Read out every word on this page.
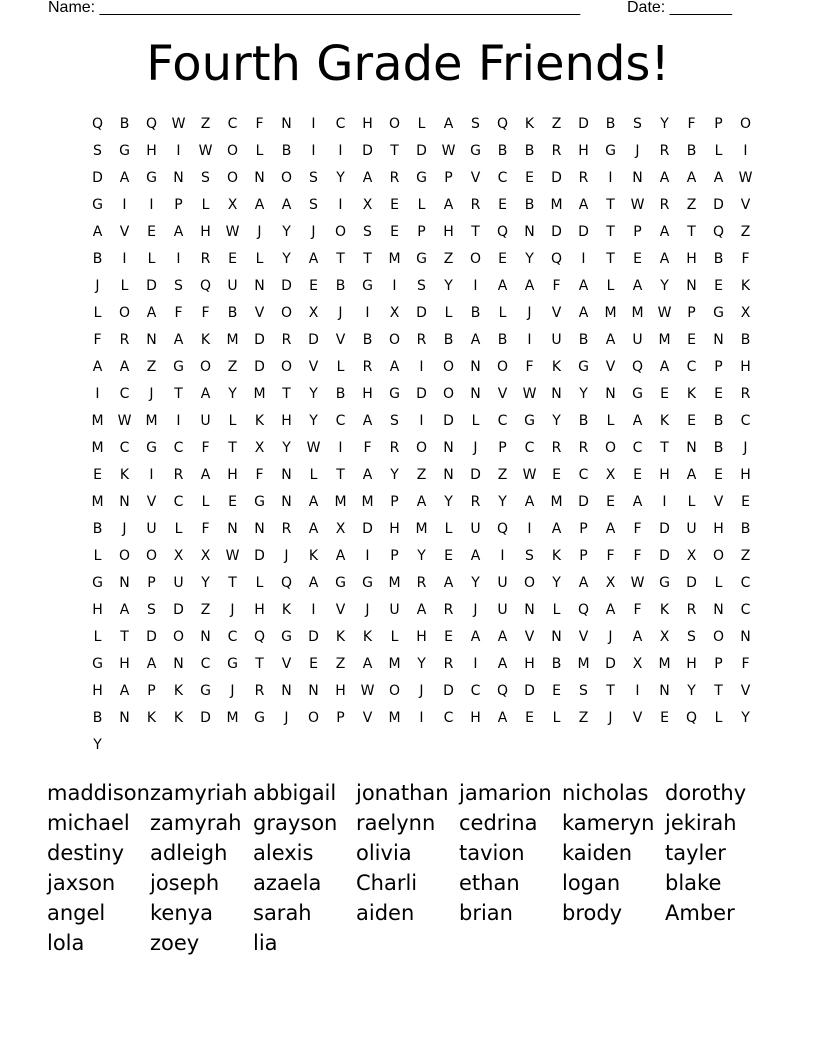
Name: ______________________________________________________	Date: _______
Fourth Grade Friends!
Q	B	Q	W	Z	C	F	N	I	C	H	O	L	A	S	Q	K	Z	D	B	S	Y	F	P	O
S	G	H	I	W	O	L	B	I	I	D	T	D	W	G	B	B	R	H	G	J	R	B	L	I
D	A	G	N	S	O	N	O	S	Y	A	R	G	P	V	C	E	D	R	I	N	A	A	A	W
G	I	I	P	L	X	A	A	S	I	X	E	L	A	R	E	B	M	A	T	W	R	Z	D	V
A	V	E	A	H	W	J	Y	J	O	S	E	P	H	T	Q	N	D	D	T	P	A	T	Q	Z
B	I	L	I	R	E	L	Y	A	T	T	M	G	Z	O	E	Y	Q	I	T	E	A	H	B	F
J	L	D	S	Q	U	N	D	E	B	G	I	S	Y	I	A	A	F	A	L	A	Y	N	E	K
L	O	A	F	F	B	V	O	X	J	I	X	D	L	B	L	J	V	A	M	M	W	P	G	X
F	R	N	A	K	M	D	R	D	V	B	O	R	B	A	B	I	U	B	A	U	M	E	N	B
A	A	Z	G	O	Z	D	O	V	L	R	A	I	O	N	O	F	K	G	V	Q	A	C	P	H
I	C	J	T	A	Y	M	T	Y	B	H	G	D	O	N	V	W	N	Y	N	G	E	K	E	R
M	W	M	I	U	L	K	H	Y	C	A	S	I	D	L	C	G	Y	B	L	A	K	E	B	C
M	C	G	C	F	T	X	Y	W	I	F	R	O	N	J	P	C	R	R	O	C	T	N	B	J
E	K	I	R	A	H	F	N	L	T	A	Y	Z	N	D	Z	W	E	C	X	E	H	A	E	H
M	N	V	C	L	E	G	N	A	M	M	P	A	Y	R	Y	A	M	D	E	A	I	L	V	E
B	J	U	L	F	N	N	R	A	X	D	H	M	L	U	Q	I	A	P	A	F	D	U	H	B
L	O	O	X	X	W	D	J	K	A	I	P	Y	E	A	I	S	K	P	F	F	D	X	O	Z
G	N	P	U	Y	T	L	Q	A	G	G	M	R	A	Y	U	O	Y	A	X	W	G	D	L	C
H	A	S	D	Z	J	H	K	I	V	J	U	A	R	J	U	N	L	Q	A	F	K	R	N	C
L	T	D	O	N	C	Q	G	D	K	K	L	H	E	A	A	V	N	V	J	A	X	S	O	N
G	H	A	N	C	G	T	V	E	Z	A	M	Y	R	I	A	H	B	M	D	X	M	H	P	F
H	A	P	K	G	J	R	N	N	H	W	O	J	D	C	Q	D	E	S	T	I	N	Y	T	V
B	N	K	K	D	M	G	J	O	P	V	M	I	C	H	A	E	L	Z	J	V	E	Q	L	Y
Y
maddison zamyriah abbigail jonathan jamarion nicholas dorothy
michael zamyrah grayson raelynn	cedrina	kameryn jekirah
destiny	adleigh	alexis	olivia	tavion	kaiden	tayler
jaxson	joseph	azaela	Charli	ethan	logan	blake
angel	kenya	sarah	aiden	brian	brody	Amber
lola	zoey	lia
